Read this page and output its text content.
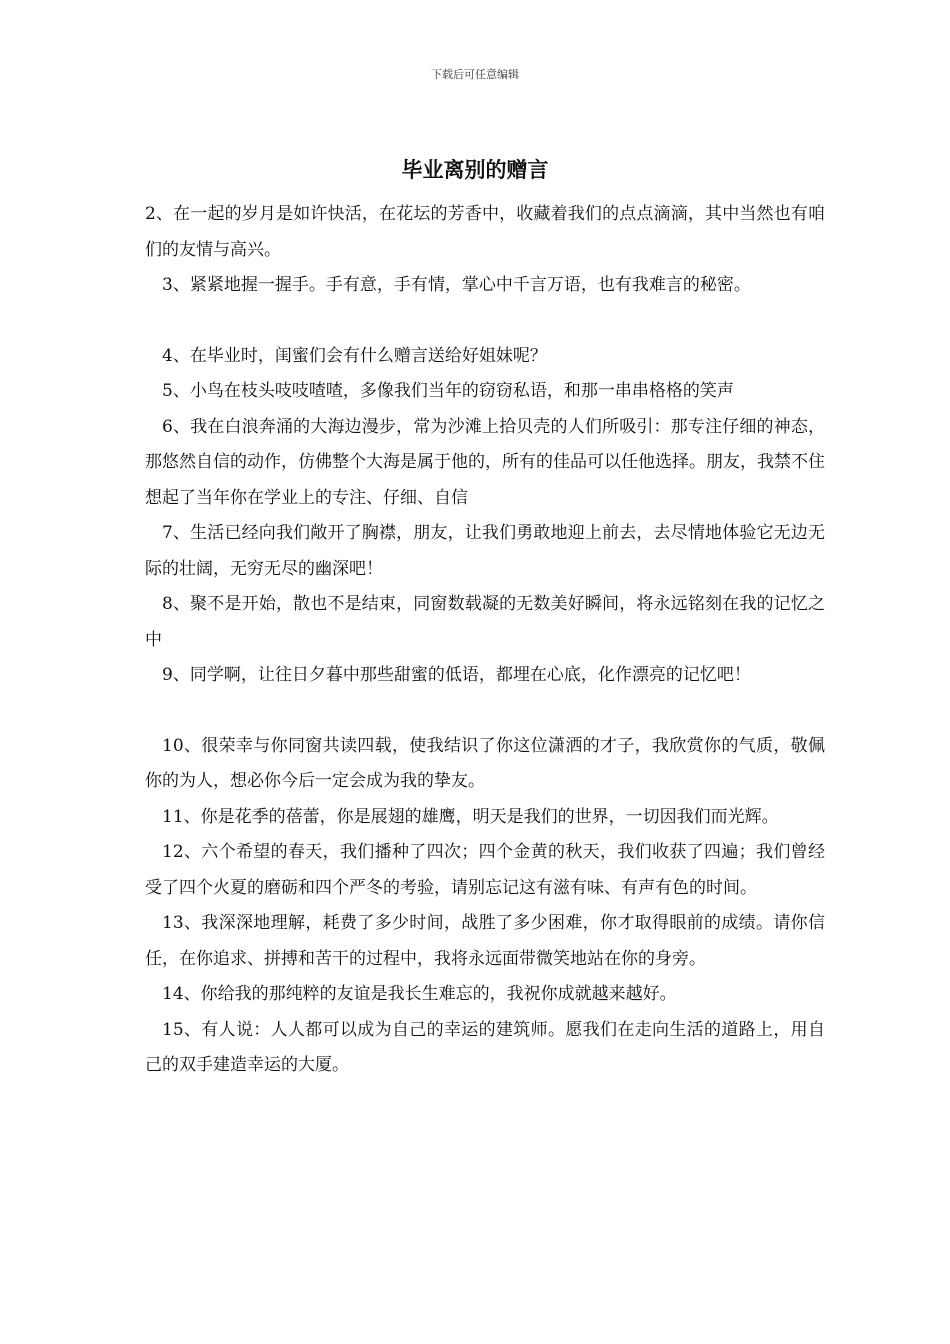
下载后可任意编辑
毕业离别的赠言

2、在一起的岁月是如许快活，在花坛的芳香中，收藏着我们的点点滴滴，其中当然也有咱们的友情与高兴。

3、紧紧地握一握手。手有意，手有情，掌心中千言万语，也有我难言的秘密。

4、在毕业时，闺蜜们会有什么赠言送给好姐妹呢？

5、小鸟在枝头吱吱喳喳，多像我们当年的窃窃私语，和那一串串格格的笑声

6、我在白浪奔涌的大海边漫步，常为沙滩上拾贝壳的人们所吸引：那专注仔细的神态，那悠然自信的动作，仿佛整个大海是属于他的，所有的佳品可以任他选择。朋友，我禁不住想起了当年你在学业上的专注、仔细、自信

7、生活已经向我们敞开了胸襟，朋友，让我们勇敢地迎上前去，去尽情地体验它无边无际的壮阔，无穷无尽的幽深吧！

8、聚不是开始，散也不是结束，同窗数载凝的无数美好瞬间，将永远铭刻在我的记忆之中

9、同学啊，让往日夕暮中那些甜蜜的低语，都埋在心底，化作漂亮的记忆吧！

10、很荣幸与你同窗共读四载，使我结识了你这位潇洒的才子，我欣赏你的气质，敬佩你的为人，想必你今后一定会成为我的挚友。

11、你是花季的蓓蕾，你是展翅的雄鹰，明天是我们的世界，一切因我们而光辉。

12、六个希望的春天，我们播种了四次；四个金黄的秋天，我们收获了四遍；我们曾经受了四个火夏的磨砺和四个严冬的考验，请别忘记这有滋有味、有声有色的时间。

13、我深深地理解，耗费了多少时间，战胜了多少困难，你才取得眼前的成绩。请你信任，在你追求、拼搏和苦干的过程中，我将永远面带微笑地站在你的身旁。

14、你给我的那纯粹的友谊是我长生难忘的，我祝你成就越来越好。

15、有人说：人人都可以成为自己的幸运的建筑师。愿我们在走向生活的道路上，用自己的双手建造幸运的大厦。
